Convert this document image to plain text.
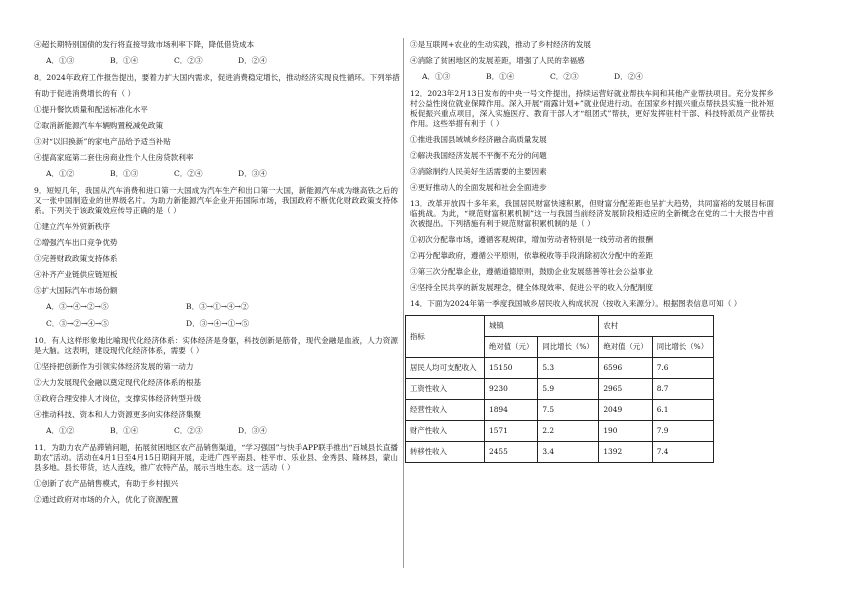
④超长期特别国债的发行将直接导致市场利率下降，降低借贷成本

A．①③	B．①④	C．②③	D．②④

8．2024年政府工作报告提出，要着力扩大国内需求，促进消费稳定增长，推动经济实现良性循环。下列举措

有助于促进消费增长的有（ ）

①提升餐饮质量和配送标准化水平

②取消新能源汽车车辆购置税减免政策

③对“以旧换新”的家电产品给予适当补贴

④提高家庭第二套住房商业性个人住房贷款利率

A．①②	B．①③	C．②④	D．③④

9．短短几年，我国从汽车消费和进口第一大国成为汽车生产和出口第一大国，新能源汽车成为继高铁之后的又一张中国制造业的世界级名片。为助力新能源汽车企业开拓国际市场，我国政府不断优化财政政策支持体系。下列关于该政策效应传导正确的是（ ）

①建立汽车外贸新秩序

②增强汽车出口竞争优势

③完善财政政策支持体系

④补齐产业链供应链短板

⑤扩大国际汽车市场份额

A．③→④→②→⑤	B．③→①→④→②
C．③→②→④→⑤	D．③→④→①→⑤

10．有人这样形象地比喻现代化经济体系：实体经济是身躯，科技创新是筋骨，现代金融是血液，人力资源是大脑。这表明，建设现代化经济体系，需要（ ）

①坚持把创新作为引领实体经济发展的第一动力

②大力发展现代金融以奠定现代化经济体系的根基

③政府合理安排人才岗位，支撑实体经济转型升级

④推动科技、资本和人力资源更多向实体经济集聚

A．①②	B．①④	C．②③	D．③④

11．为助力农产品滞销问题，拓展贫困地区农产品销售渠道，“学习强国”与快手APP联手推出“百城县长直播助农”活动。活动在4月1日至4月15日期间开展，走进广西平南县、桂平市、乐业县、金秀县、隆林县，蒙山县多地。县长带货，达人连线，推广农特产品，展示当地生态。这一活动（ ）

①创新了农产品销售模式，有助于乡村振兴

②通过政府对市场的介入，优化了资源配置

③是互联网+农业的生动实践，推动了乡村经济的发展

④消除了贫困地区的发展差距，增强了人民的幸福感

A．①③	B．①④	C．②③	D．②④

12．2023年2月13日发布的中央一号文件提出，持续运营好就业帮扶车间和其他产业帮扶项目。充分发挥乡村公益性岗位就业保障作用。深入开展“雨露计划+”就业促进行动。在国家乡村振兴重点帮扶县实施一批补短板促振兴重点项目，深入实施医疗、教育干部人才“组团式”帮扶，更好发挥驻村干部、科技特派员产业帮扶作用。这些举措有利于（ ）

①推进我国县域城乡经济融合高质量发展

②解决我国经济发展不平衡不充分的问题

③消除制约人民美好生活需要的主要因素

④更好推动人的全面发展和社会全面进步

13．改革开放四十多年来，我国居民财富快速积累，但财富分配差距也呈扩大趋势，共同富裕的发展目标面临挑战。为此，“规范财富积累机制”这一与我国当前经济发展阶段相适应的全新概念在党的二十大报告中首次被提出。下列措施有利于规范财富积累机制的是（ ）

①初次分配靠市场，遵循客观规律，增加劳动者特别是一线劳动者的报酬

②再分配靠政府，遵循公平原则，依靠税收等手段消除初次分配中的差距

③第三次分配靠企业，遵循道德原则，鼓励企业发展慈善等社会公益事业

④坚持全民共享的新发展理念，健全体现效率、促进公平的收入分配制度

14．下面为2024年第一季度我国城乡居民收入构成状况（按收入来源分）。根据图表信息可知（ ）

指标	城镇		农村	
	绝对值（元）	同比增长（%）	绝对值（元）	同比增长（%）
居民人均可支配收入	15150	5.3	6596	7.6
工资性收入	9230	5.9	2965	8.7
经营性收入	1894	7.5	2049	6.1
财产性收入	1571	2.2	190	7.9
转移性收入	2455	3.4	1392	7.4
